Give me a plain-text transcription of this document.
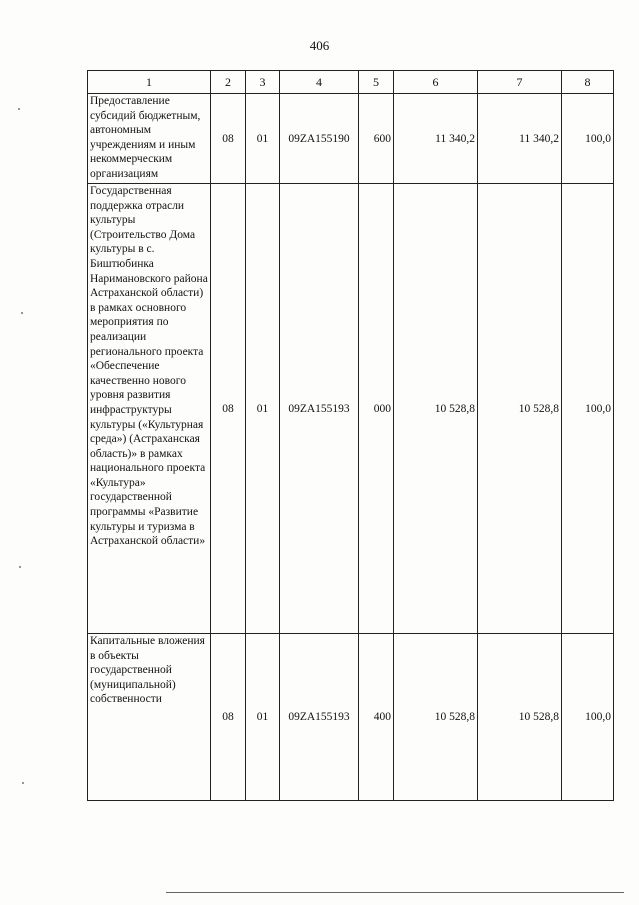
406
1	2	3	4	5	6	7	8
Предоставление субсидий бюджетным, автономным учреждениям и иным некоммерческим организациям	08	01	09ZA155190	600	11 340,2	11 340,2	100,0
Государственная поддержка отрасли культуры (Строительство Дома культуры в с. Биштюбинка Наримановского района Астраханской области) в рамках основного мероприятия по реализации регионального проекта «Обеспечение качественно нового уровня развития инфраструктуры культуры («Культурная среда») (Астраханская область)» в рамках национального проекта «Культура» государственной программы «Развитие культуры и туризма в Астраханской области»	08	01	09ZA155193	000	10 528,8	10 528,8	100,0
Капитальные вложения в объекты государственной (муниципальной) собственности	08	01	09ZA155193	400	10 528,8	10 528,8	100,0
